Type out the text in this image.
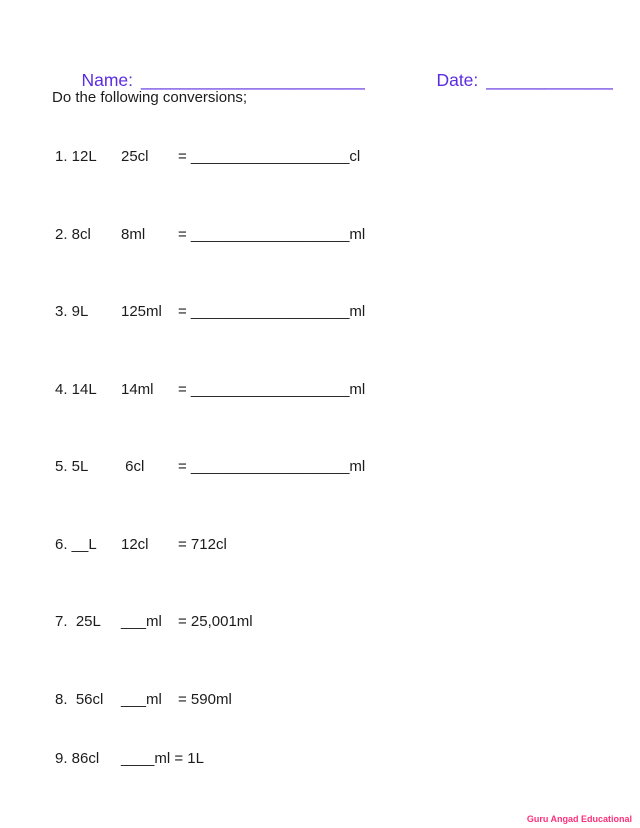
Name: _______________________
	Date: _____________

Do the following conversions;
1. 12L	25cl	= ___________________cl
2. 8cl	8ml	= ___________________ml
3. 9L	125ml	= ___________________ml
4. 14L	14ml	= ___________________ml
5. 5L	6cl	= ___________________ml
6. __L	12cl	= 712cl
7.  25L	___ml	= 25,001ml
8.  56cl	___ml	= 590ml
9. 86cl	____ml = 1L
Guru Angad Educational
